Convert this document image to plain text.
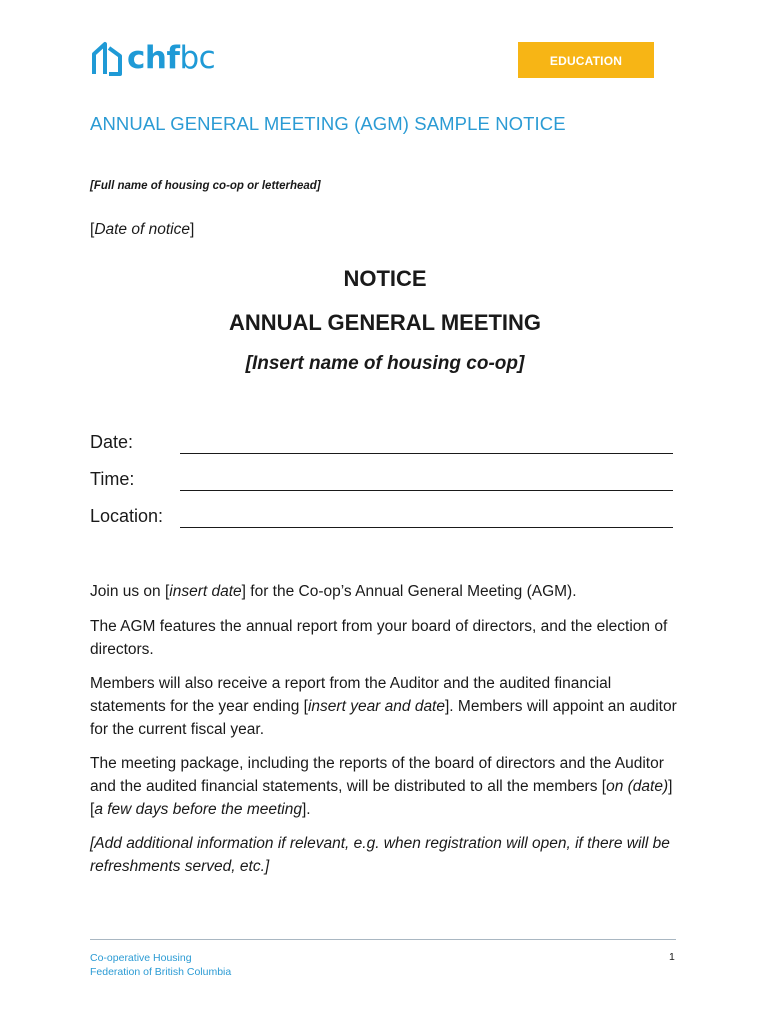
chfbc	EDUCATION
ANNUAL GENERAL MEETING (AGM) SAMPLE NOTICE
[Full name of housing co-op or letterhead]
[Date of notice]
NOTICE
ANNUAL GENERAL MEETING
[Insert name of housing co-op]
Date:
Time:
Location:
Join us on [insert date] for the Co-op’s Annual General Meeting (AGM).
The AGM features the annual report from your board of directors, and the election of directors.
Members will also receive a report from the Auditor and the audited financial statements for the year ending [insert year and date]. Members will appoint an auditor for the current fiscal year.
The meeting package, including the reports of the board of directors and the Auditor and the audited financial statements, will be distributed to all the members [on (date)] [a few days before the meeting].
[Add additional information if relevant, e.g. when registration will open, if there will be refreshments served, etc.]
Co-operative Housing
Federation of British Columbia
1
